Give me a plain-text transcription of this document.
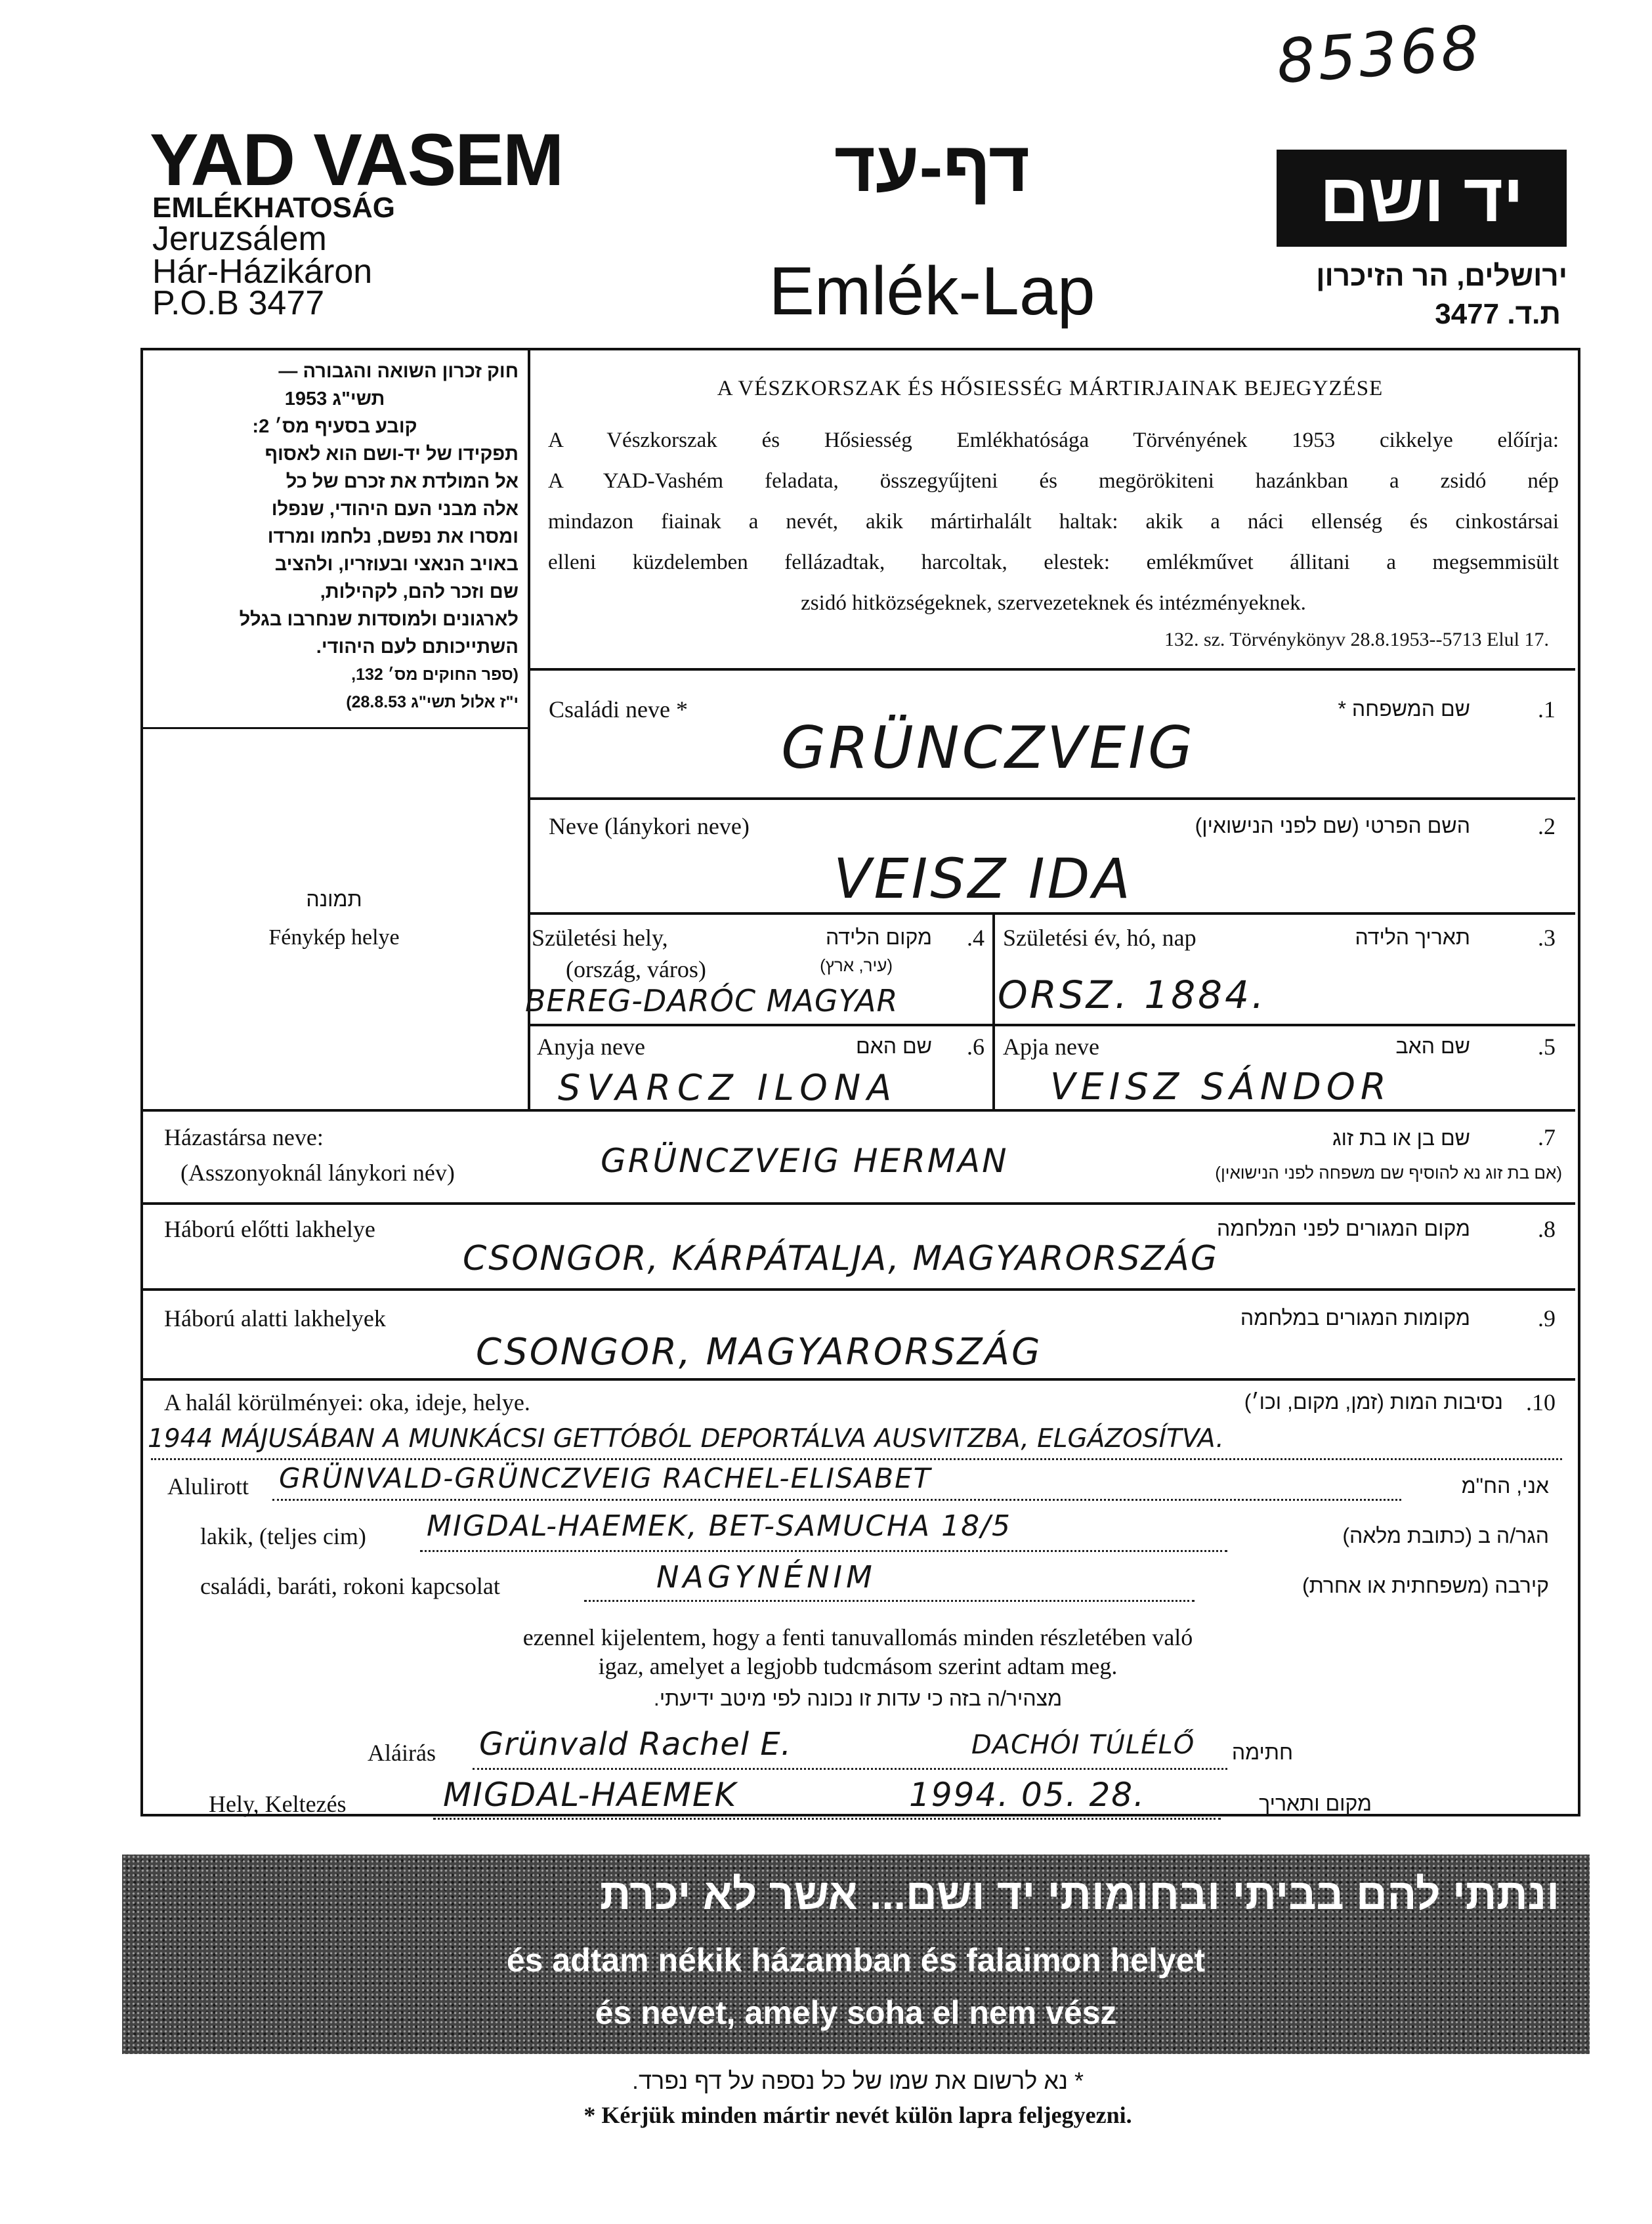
85368
YAD VASEM
EMLÉKHATOSÁG
Jeruzsálem
Hár-Házikáron
P.O.B 3477
דף-עד
Emlék-Lap
יד ושם
ירושלים, הר הזיכרון
ת.ד. 3477
חוק זכרון השואה והגבורה —
תשי"ג 1953
קובע בסעיף מס׳ 2:
תפקידו של יד-ושם הוא לאסוף
אל המולדת את זכרם של כל
אלה מבני העם היהודי, שנפלו
ומסרו את נפשם, נלחמו ומרדו
באויב הנאצי ובעוזריו, ולהציב
שם וזכר להם, לקהילות,
לארגונים ולמוסדות שנחרבו בגלל
השתייכותם לעם היהודי.
(ספר החוקים מס׳ 132,
י"ז אלול תשי"ג 28.8.53)
תמונה
Fénykép helye
A VÉSZKORSZAK ÉS HŐSIESSÉG MÁRTIRJAINAK BEJEGYZÉSE
A Vészkorszak és Hősiesség Emlékhatósága Törvényének 1953 cikkelye előírja:
A YAD-Vashém feladata, összegyűjteni és megörökiteni hazánkban a zsidó nép
mindazon fiainak a nevét, akik mártirhalált haltak: akik a náci ellenség és cinkostársai
elleni küzdelemben fellázadtak, harcoltak, elestek: emlékművet állitani a megsemmisült
zsidó hitközségeknek, szervezeteknek és intézményeknek.
132. sz. Törvénykönyv 28.8.1953--5713 Elul 17.
Családi neve *	שם המשפחה *	.1
GRÜNCZVEIG
Neve (lánykori neve)	השם הפרטי (שם לפני הנישואין)	.2
VEISZ IDA
Születési hely,
(ország, város)
מקום הלידה
(עיר, ארץ)
.4
BEREG-DARÓC MAGYAR
Születési év, hó, nap	תאריך הלידה	.3
ORSZ. 1884.
Anyja neve	שם האם	.6
SVARCZ ILONA
Apja neve	שם האב	.5
VEISZ SÁNDOR
Házastársa neve:
(Asszonyoknál lánykori név)
שם בן או בת זוג
(אם בת זוג נא להוסיף שם משפחה לפני הנישואין)
.7
GRÜNCZVEIG HERMAN
Háború előtti lakhelye	מקום המגורים לפני המלחמה	.8
CSONGOR, KÁRPÁTALJA, MAGYARORSZÁG
Háború alatti lakhelyek	מקומות המגורים במלחמה	.9
CSONGOR, MAGYARORSZÁG
A halál körülményei: oka, ideje, helye.	נסיבות המות (זמן, מקום, וכו׳) .10
1944 MÁJUSÁBAN A MUNKÁCSI GETTÓBÓL DEPORTÁLVA AUSVITZBA, ELGÁZOSÍTVA.
Alulirott GRÜNVALD-GRÜNCZVEIG RACHEL-ELISABET	אני, הח"מ
lakik, (teljes cim) MIGDAL-HAEMEK, BET-SAMUCHA 18/5	הגר/ה ב (כתובת מלאה)
családi, baráti, rokoni kapcsolat	NAGYNÉNIM	קירבה (משפחתית או אחרת)
ezennel kijelentem, hogy a fenti tanuvallomás minden részletében való
igaz, amelyet a legjobb tudcmásom szerint adtam meg.
מצהיר/ה בזה כי עדות זו נכונה לפי מיטב ידיעתי.
Aláirás Grünvald Rachel E.	DACHÓI TÚLÉLŐ חתימה
Hely, Keltezés	MIGDAL-HAEMEK	1994. 05. 28.	מקום ותאריך
ונתתי להם בביתי ובחומותי יד ושם... אשר לא יכרת
és adtam nékik házamban és falaimon helyet
és nevet, amely soha el nem vész
* נא לרשום את שמו של כל נספה על דף נפרד.
* Kérjük minden mártir nevét külön lapra feljegyezni.
